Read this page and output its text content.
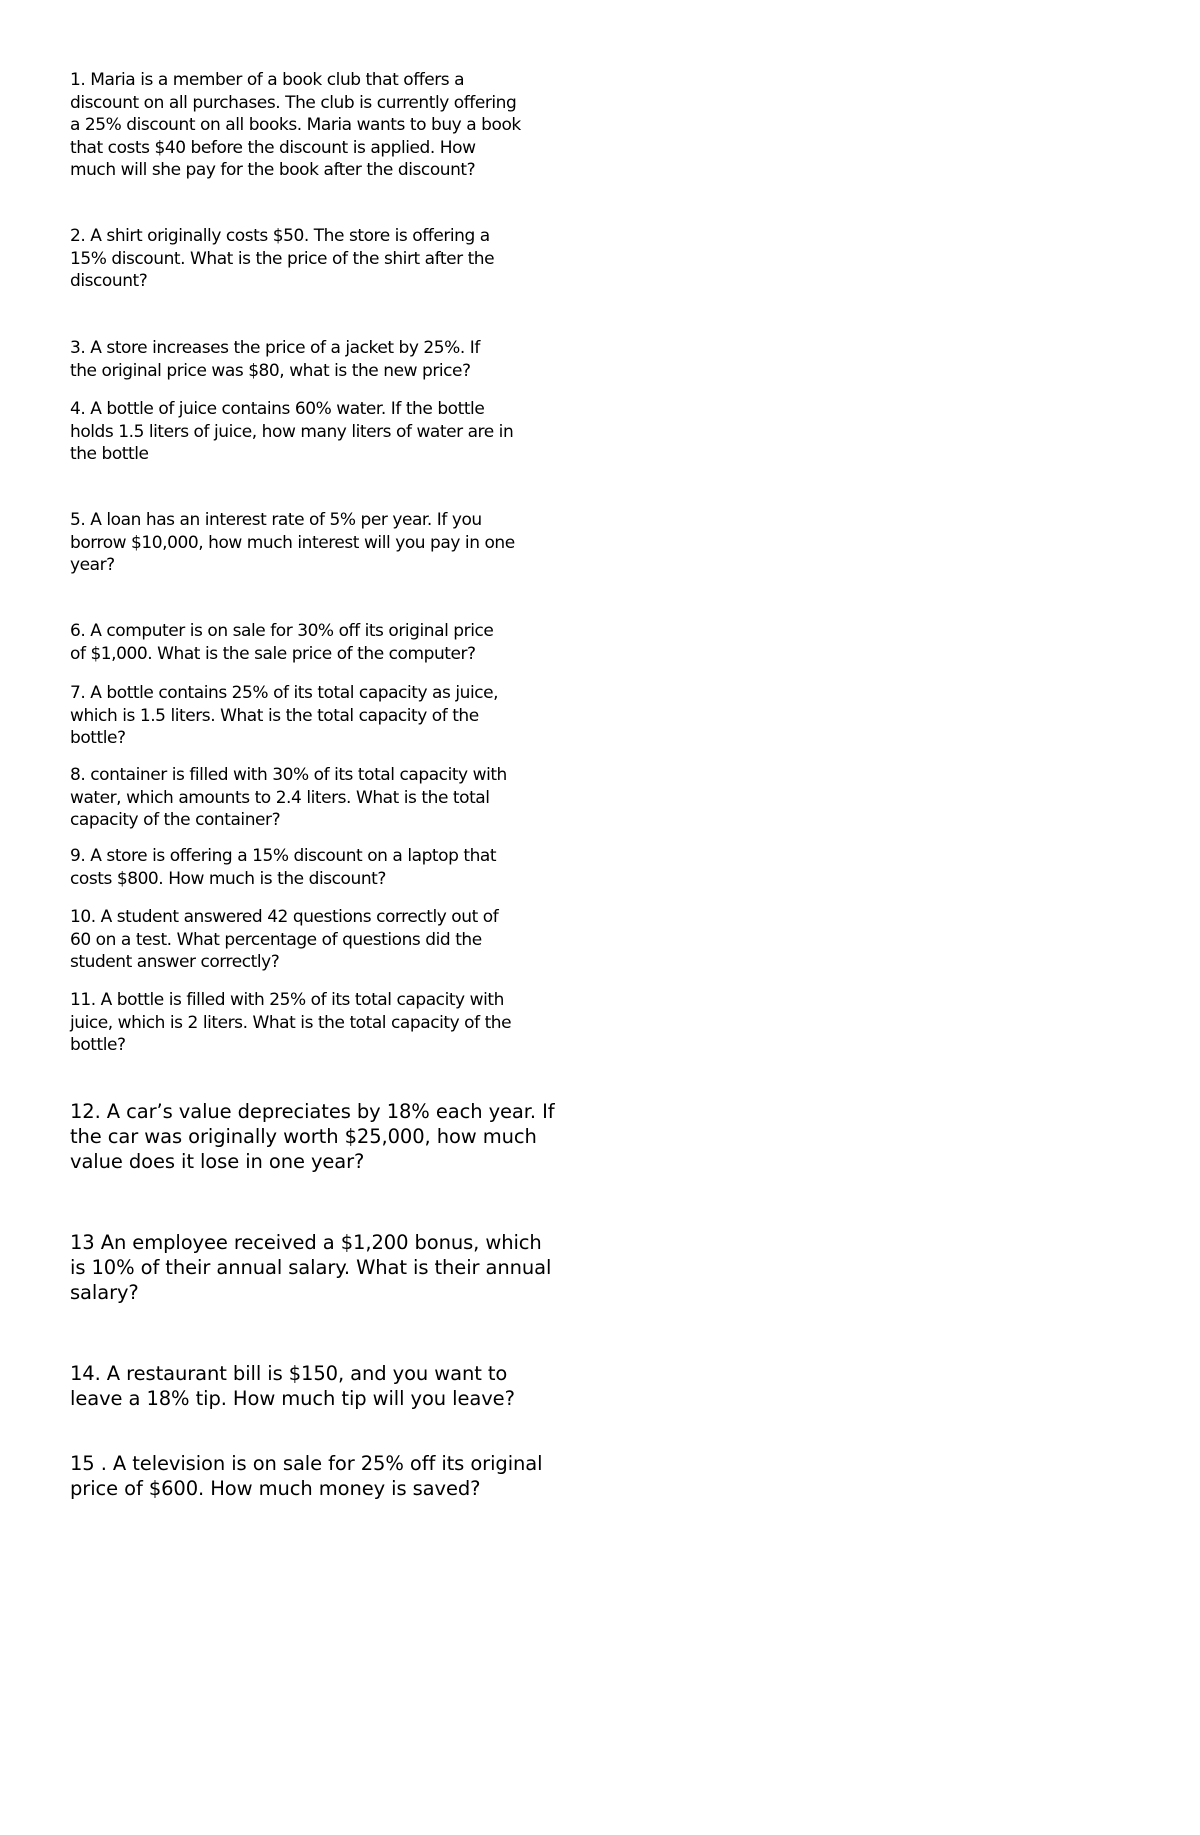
1. Maria is a member of a book club that offers a
discount on all purchases. The club is currently offering
a 25% discount on all books. Maria wants to buy a book
that costs $40 before the discount is applied. How
much will she pay for the book after the discount?

2. A shirt originally costs $50. The store is offering a
15% discount. What is the price of the shirt after the
discount?

3. A store increases the price of a jacket by 25%. If
the original price was $80, what is the new price?

4. A bottle of juice contains 60% water. If the bottle
holds 1.5 liters of juice, how many liters of water are in
the bottle

5. A loan has an interest rate of 5% per year. If you
borrow $10,000, how much interest will you pay in one
year?

6. A computer is on sale for 30% off its original price
of $1,000. What is the sale price of the computer?

7. A bottle contains 25% of its total capacity as juice,
which is 1.5 liters. What is the total capacity of the
bottle?

8. container is filled with 30% of its total capacity with
water, which amounts to 2.4 liters. What is the total
capacity of the container?

9. A store is offering a 15% discount on a laptop that
costs $800. How much is the discount?

10. A student answered 42 questions correctly out of
60 on a test. What percentage of questions did the
student answer correctly?

11. A bottle is filled with 25% of its total capacity with
juice, which is 2 liters. What is the total capacity of the
bottle?

12. A car’s value depreciates by 18% each year. If
the car was originally worth $25,000, how much
value does it lose in one year?

13 An employee received a $1,200 bonus, which
is 10% of their annual salary. What is their annual
salary?

14. A restaurant bill is $150, and you want to
leave a 18% tip. How much tip will you leave?

15 . A television is on sale for 25% off its original
price of $600. How much money is saved?
